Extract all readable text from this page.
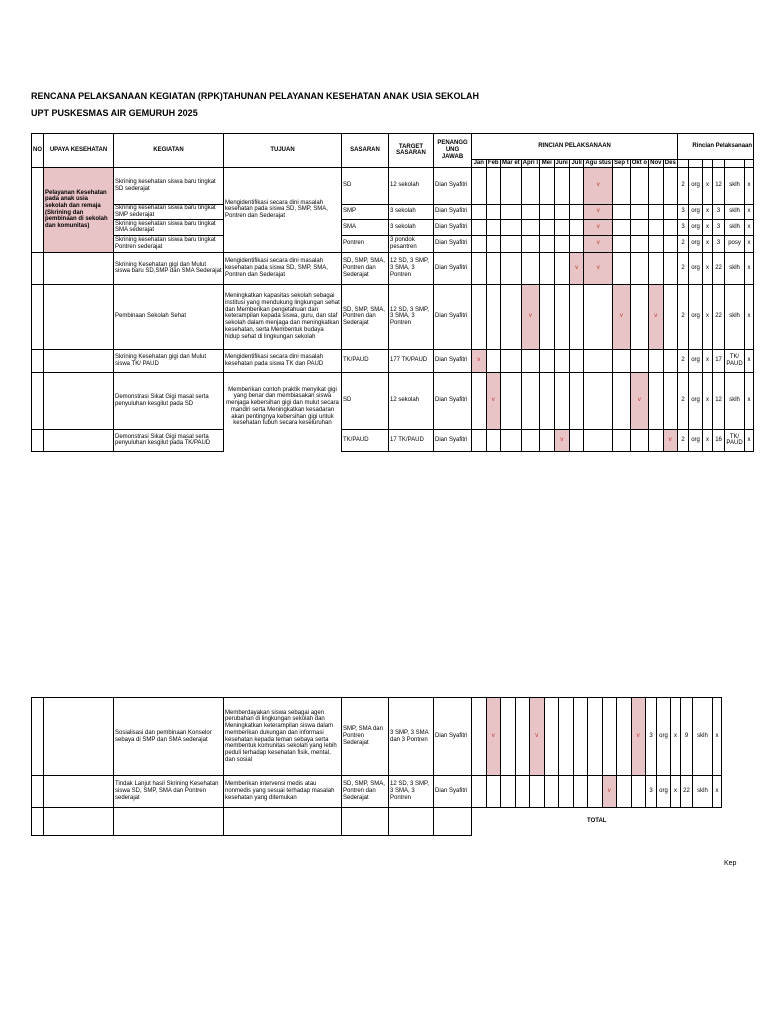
RENCANA PELAKSANAAN KEGIATAN (RPK)TAHUNAN PELAYANAN KESEHATAN ANAK USIA SEKOLAH
UPT PUSKESMAS AIR GEMURUH 2025
NO	UPAYA KESEHATAN	KEGIATAN	TUJUAN	SASARAN	TARGET SASARAN	PENANGG UNG JAWAB	RINCIAN PELAKSANAAN												Rincian Pelaksanaan					
							Jan	Feb	Mar et	Apri l	Mei	Juni	Juli	Agu stus	Sep t	Okt o	Nov	Des						
	Pelayanan Kesehatan pada anak usia sekolah dan remaja (Skrining dan pembinaan di sekolah dan komunitas)	Skrining kesehatan siswa baru tingkat SD sederajat	Mengidentifikasi secara dini masalah kesehatan pada siswa SD, SMP, SMA, Pontren dan Sederajat	SD	12 sekolah	Dian Syafitri								v					2	org	x	12	sklh	x
		Skrining kesehatan siswa baru tingkat SMP sederajat		SMP	3 sekolah	Dian Syafitri								v					3	org	x	3	sklh	x
		Skrining kesehatan siswa baru tingkat SMA sederajat		SMA	3 sekolah	Dian Syafitri								v					3	org	x	3	sklh	x
		Skrining kesehatan siswa baru tingkat Pontren sederajat		Pontren	3 pondok pesantren	Dian Syafitri								v					2	org	x	3	posy	x
		Skrining Kesehatan gigi dan Mulut siswa baru SD,SMP dan SMA Sederajat	Mengidentifikasi secara dini masalah kesehatan pada siswa SD, SMP, SMA, Pontren dan Sederajat	SD, SMP, SMA, Pontren dan Sederajat	12 SD, 3 SMP, 3 SMA, 3 Pontren	Dian Syafitri							v	v					2	org	x	22	sklh	x
		Pembinaan Sekolah Sehat	Meningkatkan kapasitas sekolah sebagai institusi yang mendukung lingkungan sehat dan Memberikan pengetahuan dan keterampilan kepada siswa, guru, dan staf sekolah dalam menjaga dan meningkatkan kesehatan, serta Membentuk budaya hidup sehat di lingkungan sekolah	SD, SMP, SMA, Pontren dan Sederajat	12 SD, 3 SMP, 3 SMA, 3 Pontren	Dian Syafitri				v					v		v		2	org	x	22	sklh	x
		Skrining Kesehatan gigi dan Mulut siswa TK/ PAUD	Mengidentifikasi secara dini masalah kesehatan pada siswa TK dan PAUD	TK/PAUD	177 TK/PAUD	Dian Syafitri	v												2	org	x	17	TK/ PAUD	x
		Demonstrasi Sikat Gigi masal serta penyuluhan kesgilut pada SD	Memberikan contoh praktik menyikat gigi yang benar dan membiasakan siswa menjaga kebersihan gigi dan mulut secara mandiri serta Meningkatkan kesadaran akan pentingnya kebersihan gigi untuk kesehatan tubuh secara keseluruhan	SD	12 sekolah	Dian Syafitri		v								v			2	org	x	12	sklh	x
		Demonstrasi Sikat Gigi masal serta penyuluhan kesgilut pada TK/PAUD		TK/PAUD	17 TK/PAUD	Dian Syafitri						v						v	2	org	x	16	TK/ PAUD	x
		Sosialisasi dan pembinaan Konselor sebaya di SMP dan SMA sederajat	Memberdayakan siswa sebagai agen perubahan di lingkungan sekolah dan Meningkatkan keterampilan siswa dalam memberikan dukungan dan informasi kesehatan kepada teman sebaya serta membentuk komunitas sekolah yang lebih peduli terhadap kesehatan fisik, mental, dan sosial	SMP, SMA dan Pontren Sederajat	3 SMP, 3 SMA dan 3 Pontren	Dian Syafitri		v			v							v	3	org	x	9	sklh	x
		Tindak Lanjut hasil Skrining Kesehatan siswa SD, SMP, SMA dan Pontren sederajat	Memberikan intervensi medis atau nonmedis yang sesuai terhadap masalah kesehatan yang ditemukan	SD, SMP, SMA, Pontren dan Sederajat	12 SD, 3 SMP, 3 SMA, 3 Pontren	Dian Syafitri										v			3	org	x	22	sklh	x
							TOTAL																	
Kep
